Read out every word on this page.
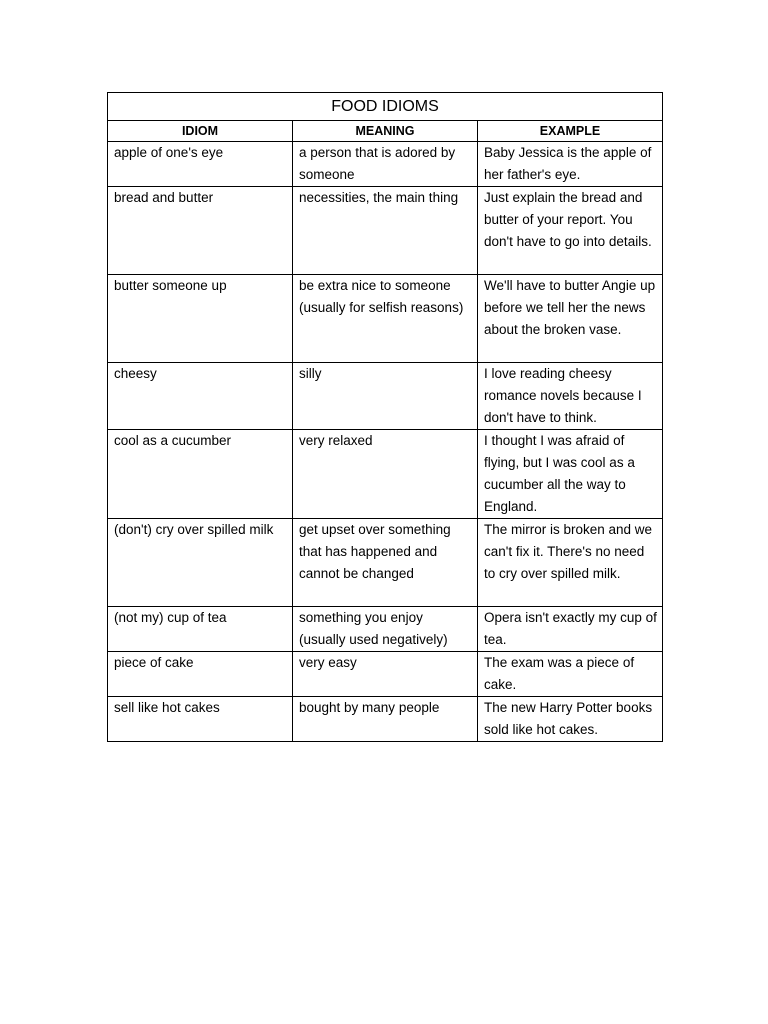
FOOD IDIOMS		
IDIOM	MEANING	EXAMPLE
apple of one's eye	a person that is adored by someone	Baby Jessica is the apple of her father's eye.
bread and butter	necessities, the main thing	Just explain the bread and butter of your report. You don't have to go into details.
butter someone up	be extra nice to someone (usually for selfish reasons)	We'll have to butter Angie up before we tell her the news about the broken vase.
cheesy	silly	I love reading cheesy romance novels because I don't have to think.
cool as a cucumber	very relaxed	I thought I was afraid of flying, but I was cool as a cucumber all the way to England.
(don't) cry over spilled milk	get upset over something that has happened and cannot be changed	The mirror is broken and we can't fix it. There's no need to cry over spilled milk.
(not my) cup of tea	something you enjoy (usually used negatively)	Opera isn't exactly my cup of tea.
piece of cake	very easy	The exam was a piece of cake.
sell like hot cakes	bought by many people	The new Harry Potter books sold like hot cakes.
